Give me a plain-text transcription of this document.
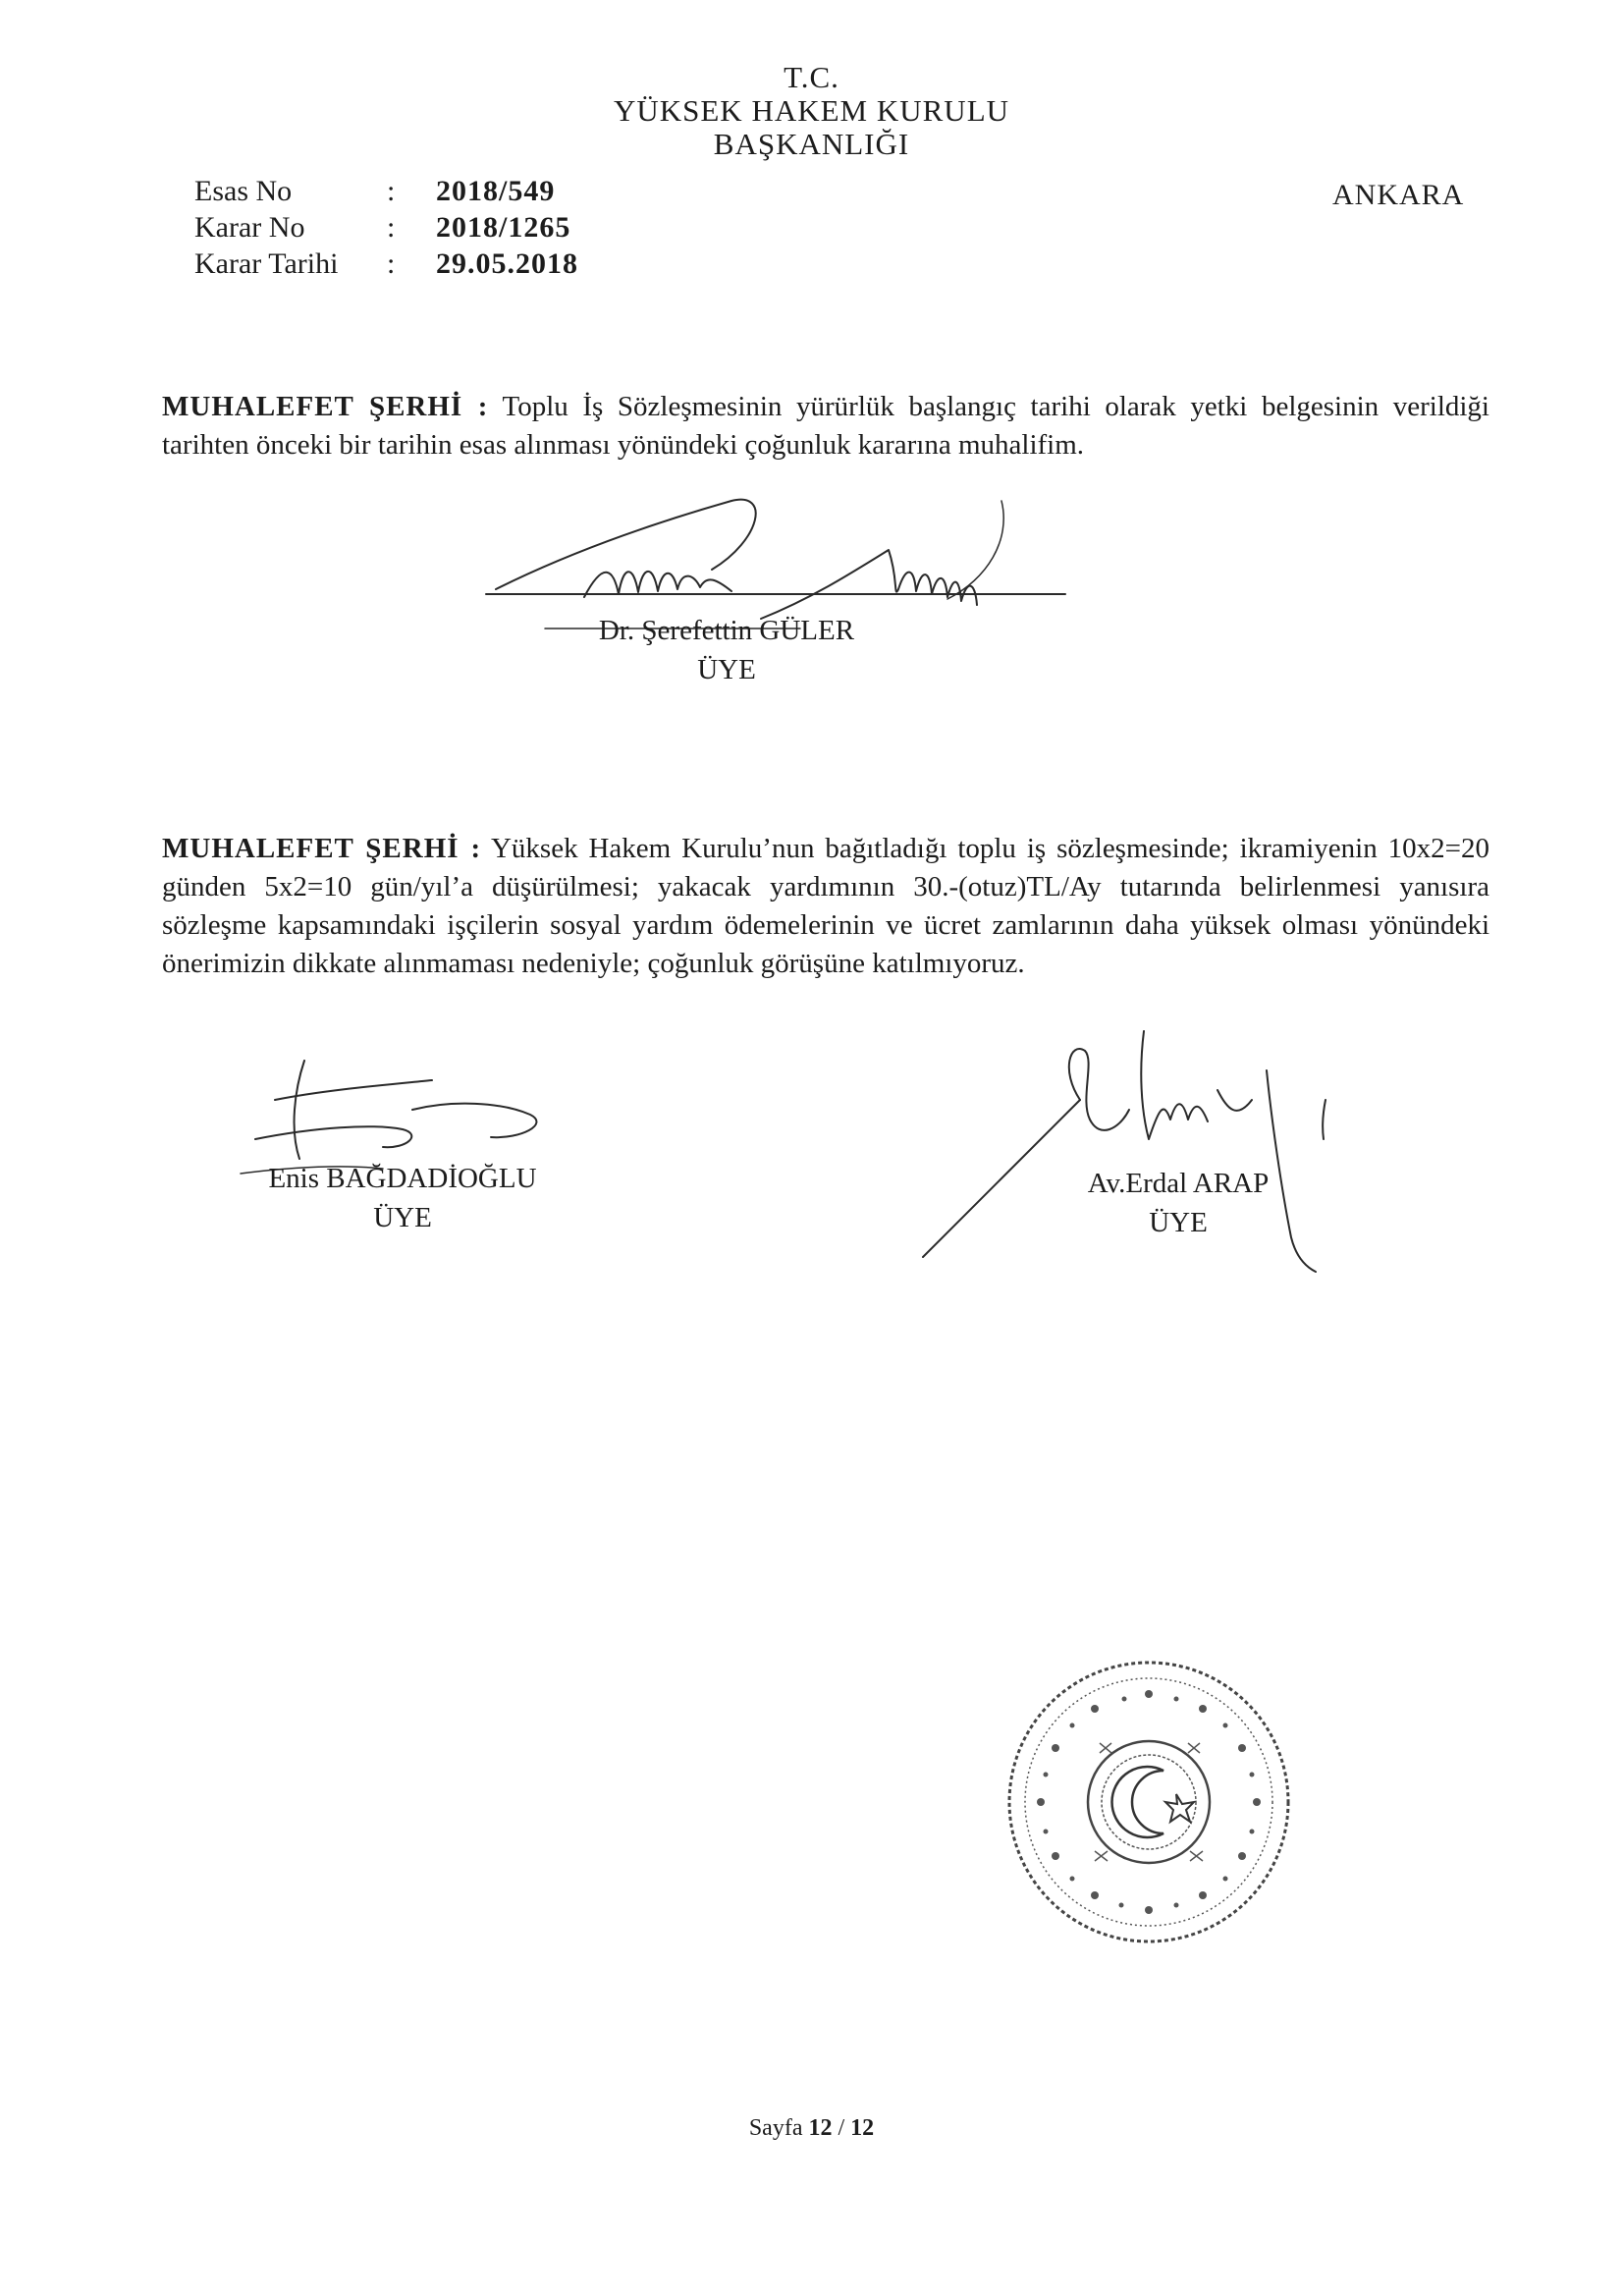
T.C.
YÜKSEK HAKEM KURULU
BAŞKANLIĞI
Esas No	:	2018/549
Karar No	:	2018/1265
Karar Tarihi	:	29.05.2018
ANKARA
MUHALEFET ŞERHİ : Toplu İş Sözleşmesinin yürürlük başlangıç tarihi olarak yetki belgesinin verildiği tarihten önceki bir tarihin esas alınması yönündeki çoğunluk kararına muhalifim.
Dr. Şerefettin GÜLER
ÜYE
MUHALEFET ŞERHİ : Yüksek Hakem Kurulu’nun bağıtladığı toplu iş sözleşmesinde; ikramiyenin 10x2=20 günden 5x2=10 gün/yıl’a düşürülmesi; yakacak yardımının 30.-(otuz)TL/Ay tutarında belirlenmesi yanısıra sözleşme kapsamındaki işçilerin sosyal yardım ödemelerinin ve ücret zamlarının daha yüksek olması yönündeki önerimizin dikkate alınmaması nedeniyle; çoğunluk görüşüne katılmıyoruz.
Enis BAĞDADİOĞLU
ÜYE
Av.Erdal ARAP
ÜYE
Sayfa 12 / 12
